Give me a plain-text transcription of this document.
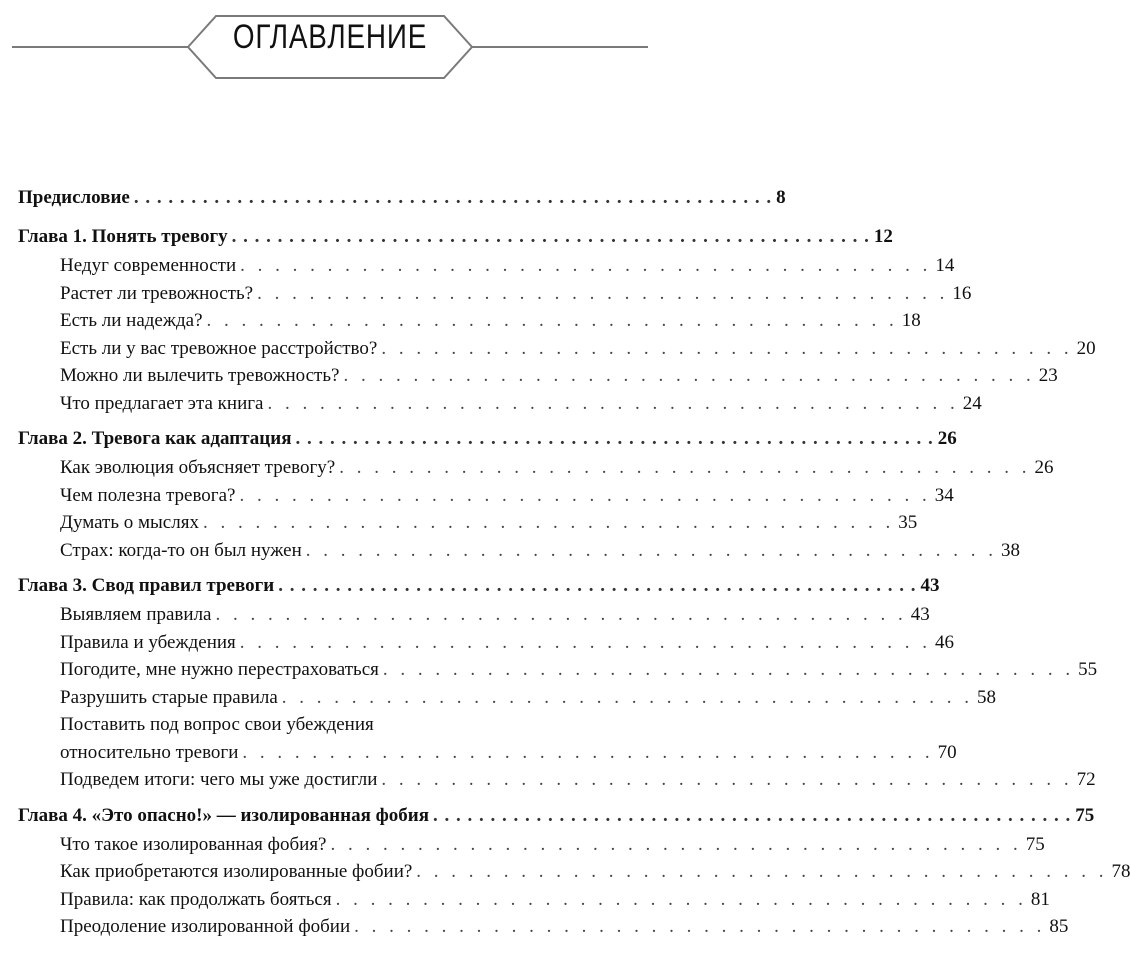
ОГЛАВЛЕНИЕ
Предисловие . . . . . . . . . . . . . . . . . . . . . . . . . . . . . . . . . . . . . . . . . . . . . . . . . . . . . . . . 8
Глава 1. Понять тревогу . . . . . . . . . . . . . . . . . . . . . . . . . . . . . . . . . . . . . . . . . . . . . . . . . . . . . . . . 12
Недуг современности . . . . . . . . . . . . . . . . . . . . . . . . . . . . . . . . . . . . . . . . 14
Растет ли тревожность? . . . . . . . . . . . . . . . . . . . . . . . . . . . . . . . . . . . . . . . . 16
Есть ли надежда? . . . . . . . . . . . . . . . . . . . . . . . . . . . . . . . . . . . . . . . . 18
Есть ли у вас тревожное расстройство? . . . . . . . . . . . . . . . . . . . . . . . . . . . . . . . . . . . . . . . . 20
Можно ли вылечить тревожность? . . . . . . . . . . . . . . . . . . . . . . . . . . . . . . . . . . . . . . . . 23
Что предлагает эта книга . . . . . . . . . . . . . . . . . . . . . . . . . . . . . . . . . . . . . . . . 24
Глава 2. Тревога как адаптация . . . . . . . . . . . . . . . . . . . . . . . . . . . . . . . . . . . . . . . . . . . . . . . . . . . . . . . . 26
Как эволюция объясняет тревогу? . . . . . . . . . . . . . . . . . . . . . . . . . . . . . . . . . . . . . . . . 26
Чем полезна тревога? . . . . . . . . . . . . . . . . . . . . . . . . . . . . . . . . . . . . . . . . 34
Думать о мыслях . . . . . . . . . . . . . . . . . . . . . . . . . . . . . . . . . . . . . . . . 35
Страх: когда-то он был нужен . . . . . . . . . . . . . . . . . . . . . . . . . . . . . . . . . . . . . . . . 38
Глава 3. Свод правил тревоги . . . . . . . . . . . . . . . . . . . . . . . . . . . . . . . . . . . . . . . . . . . . . . . . . . . . . . . . 43
Выявляем правила . . . . . . . . . . . . . . . . . . . . . . . . . . . . . . . . . . . . . . . . 43
Правила и убеждения . . . . . . . . . . . . . . . . . . . . . . . . . . . . . . . . . . . . . . . . 46
Погодите, мне нужно перестраховаться . . . . . . . . . . . . . . . . . . . . . . . . . . . . . . . . . . . . . . . . 55
Разрушить старые правила . . . . . . . . . . . . . . . . . . . . . . . . . . . . . . . . . . . . . . . . 58
Поставить под вопрос свои убеждения
относительно тревоги . . . . . . . . . . . . . . . . . . . . . . . . . . . . . . . . . . . . . . . . 70
Подведем итоги: чего мы уже достигли . . . . . . . . . . . . . . . . . . . . . . . . . . . . . . . . . . . . . . . . 72
Глава 4. «Это опасно!» — изолированная фобия . . . . . . . . . . . . . . . . . . . . . . . . . . . . . . . . . . . . . . . . . . . . . . . . . . . . . . . . 75
Что такое изолированная фобия? . . . . . . . . . . . . . . . . . . . . . . . . . . . . . . . . . . . . . . . . 75
Как приобретаются изолированные фобии? . . . . . . . . . . . . . . . . . . . . . . . . . . . . . . . . . . . . . . . . 78
Правила: как продолжать бояться . . . . . . . . . . . . . . . . . . . . . . . . . . . . . . . . . . . . . . . . 81
Преодоление изолированной фобии . . . . . . . . . . . . . . . . . . . . . . . . . . . . . . . . . . . . . . . . 85
